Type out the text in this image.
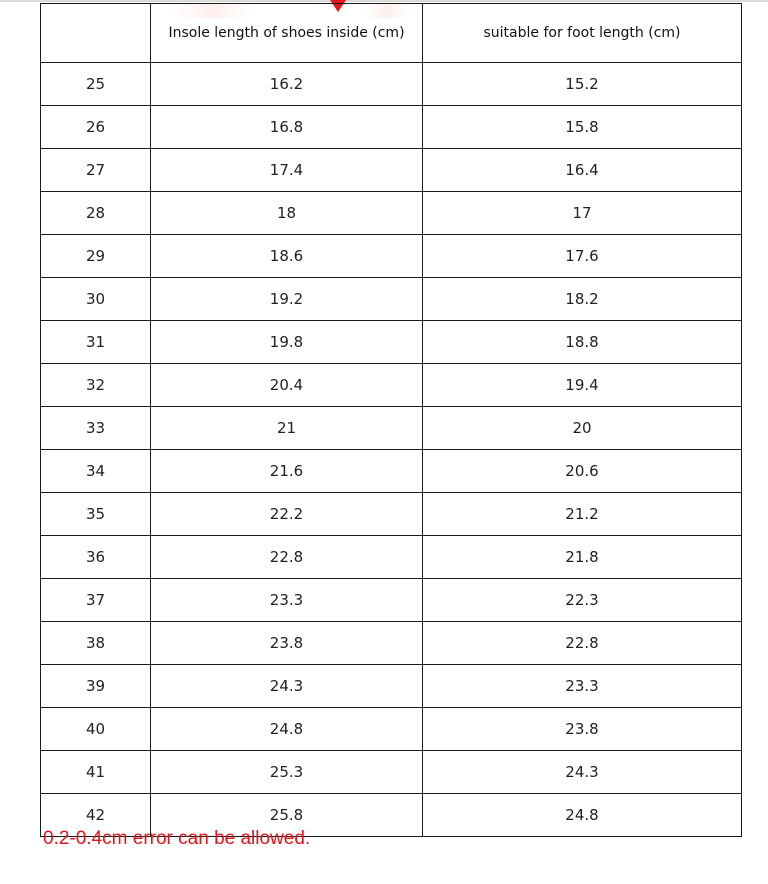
	Insole length of shoes inside (cm)	suitable for foot length (cm)
25	16.2	15.2
26	16.8	15.8
27	17.4	16.4
28	18	17
29	18.6	17.6
30	19.2	18.2
31	19.8	18.8
32	20.4	19.4
33	21	20
34	21.6	20.6
35	22.2	21.2
36	22.8	21.8
37	23.3	22.3
38	23.8	22.8
39	24.3	23.3
40	24.8	23.8
41	25.3	24.3
42	25.8	24.8
0.2-0.4cm error can be allowed.
